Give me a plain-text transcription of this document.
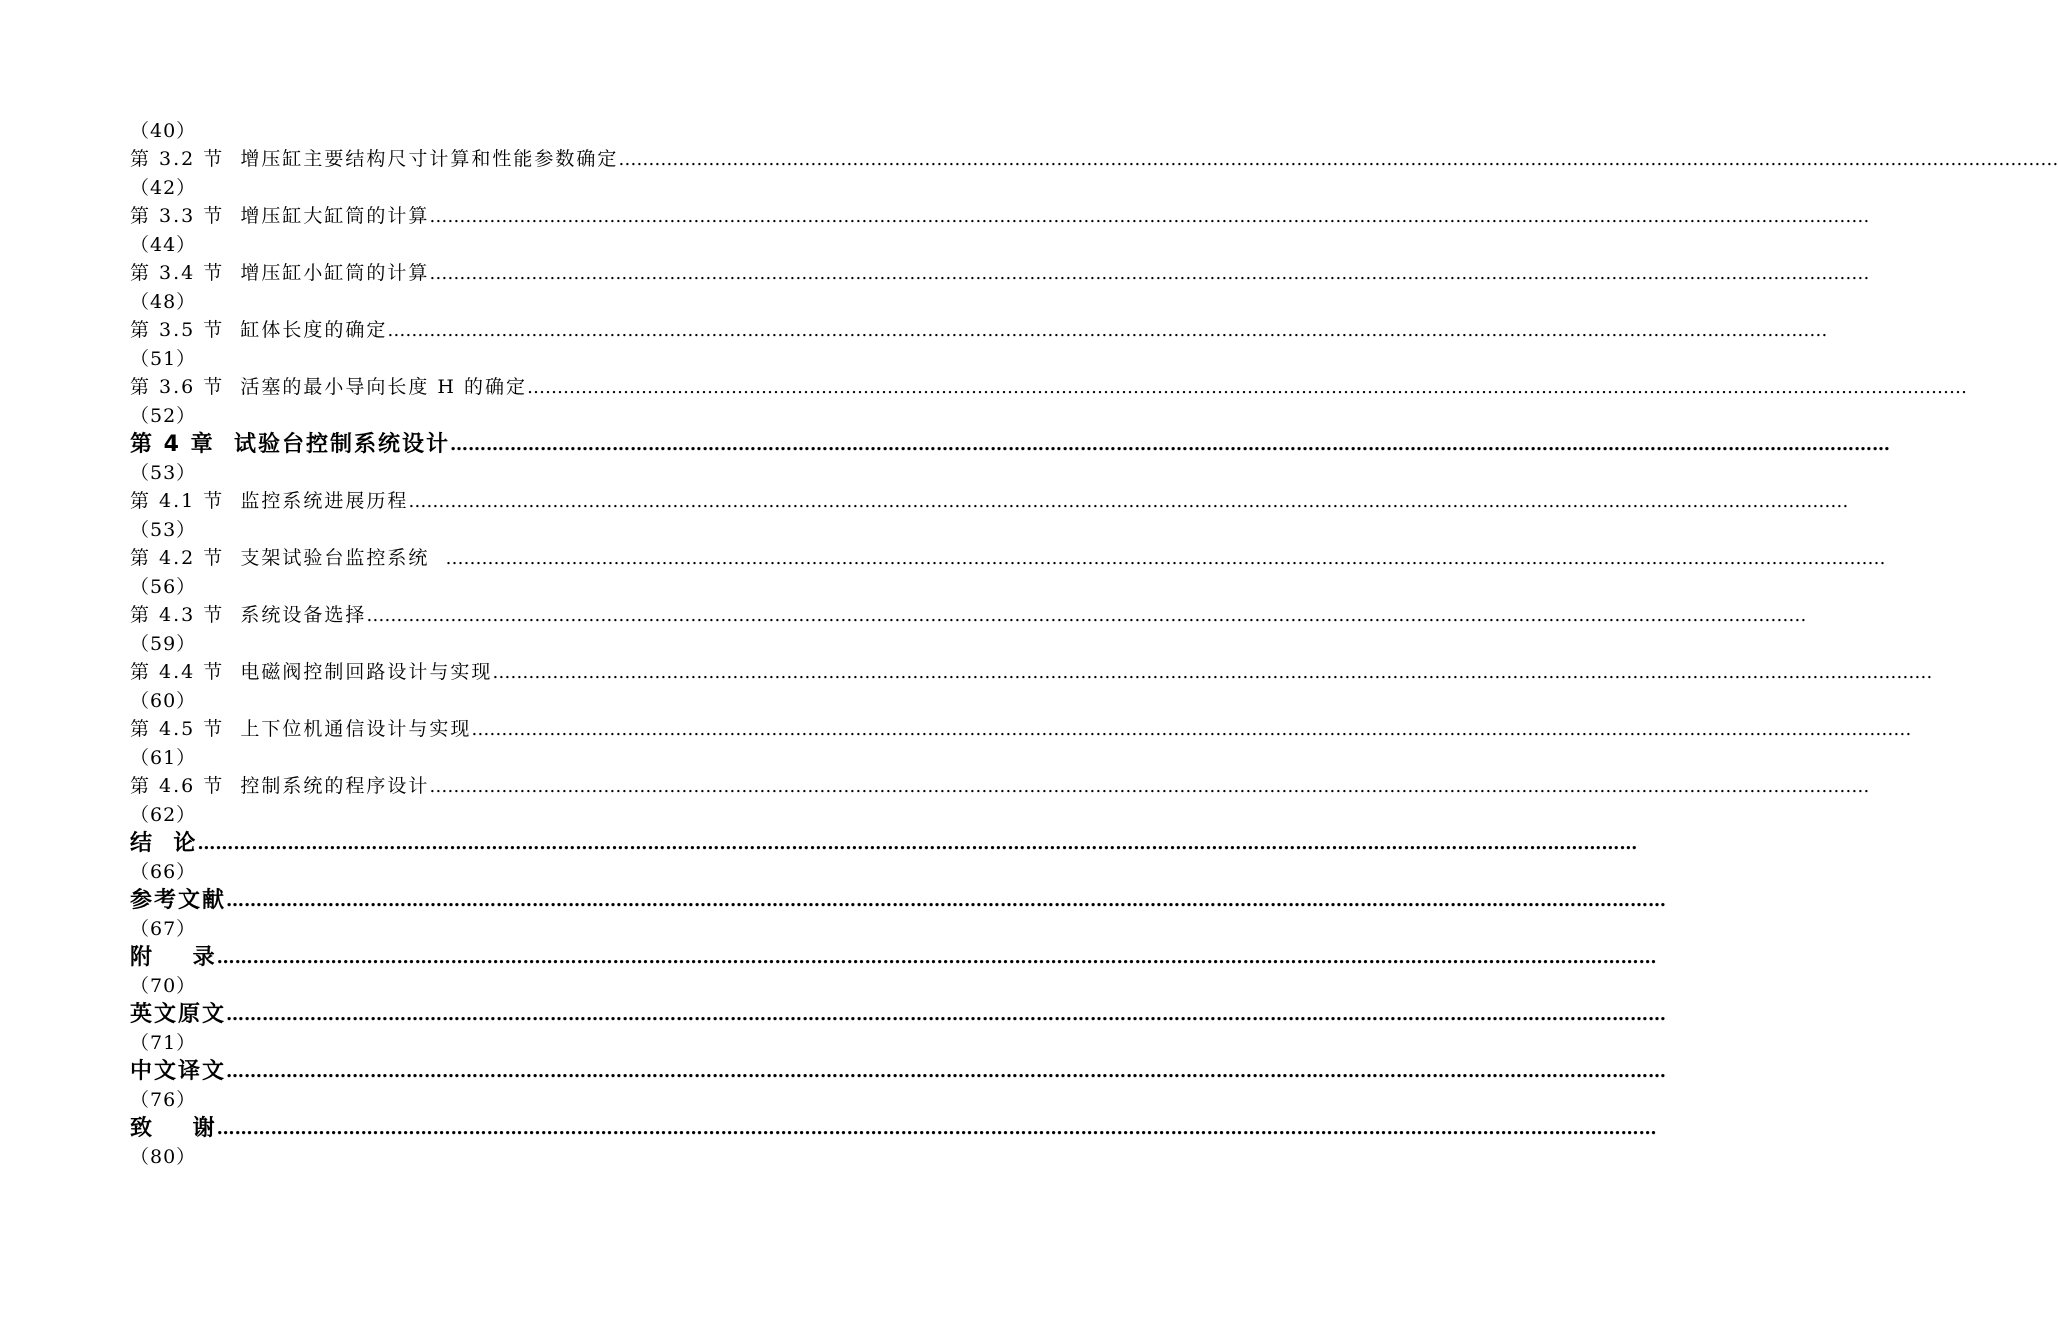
（40）
第 3.2 节  增压缸主要结构尺寸计算和性能参数确定 ……………………………………………………………………………………………………………………………………………………………………………………………………………………
（42）
第 3.3 节  增压缸大缸筒的计算 ……………………………………………………………………………………………………………………………………………………………………………………………………………………
（44）
第 3.4 节  增压缸小缸筒的计算 ……………………………………………………………………………………………………………………………………………………………………………………………………………………
（48）
第 3.5 节  缸体长度的确定 ……………………………………………………………………………………………………………………………………………………………………………………………………………………
（51）
第 3.6 节  活塞的最小导向长度 H 的确定 ……………………………………………………………………………………………………………………………………………………………………………………………………………………
（52）
第 4 章  试验台控制系统设计 ……………………………………………………………………………………………………………………………………………………………………………………………………………………
（53）
第 4.1 节  监控系统进展历程 ……………………………………………………………………………………………………………………………………………………………………………………………………………………
（53）
第 4.2 节  支架试验台监控系统 ……………………………………………………………………………………………………………………………………………………………………………………………………………………
（56）
第 4.3 节  系统设备选择 ……………………………………………………………………………………………………………………………………………………………………………………………………………………
（59）
第 4.4 节  电磁阀控制回路设计与实现 ……………………………………………………………………………………………………………………………………………………………………………………………………………………
（60）
第 4.5 节  上下位机通信设计与实现 ……………………………………………………………………………………………………………………………………………………………………………………………………………………
（61）
第 4.6 节  控制系统的程序设计 ……………………………………………………………………………………………………………………………………………………………………………………………………………………
（62）
结  论 ……………………………………………………………………………………………………………………………………………………………………………………………………………………
（66）
参考文献 ……………………………………………………………………………………………………………………………………………………………………………………………………………………
（67）
附    录 ……………………………………………………………………………………………………………………………………………………………………………………………………………………
（70）
英文原文 ……………………………………………………………………………………………………………………………………………………………………………………………………………………
（71）
中文译文 ……………………………………………………………………………………………………………………………………………………………………………………………………………………
（76）
致    谢 ……………………………………………………………………………………………………………………………………………………………………………………………………………………
（80）
